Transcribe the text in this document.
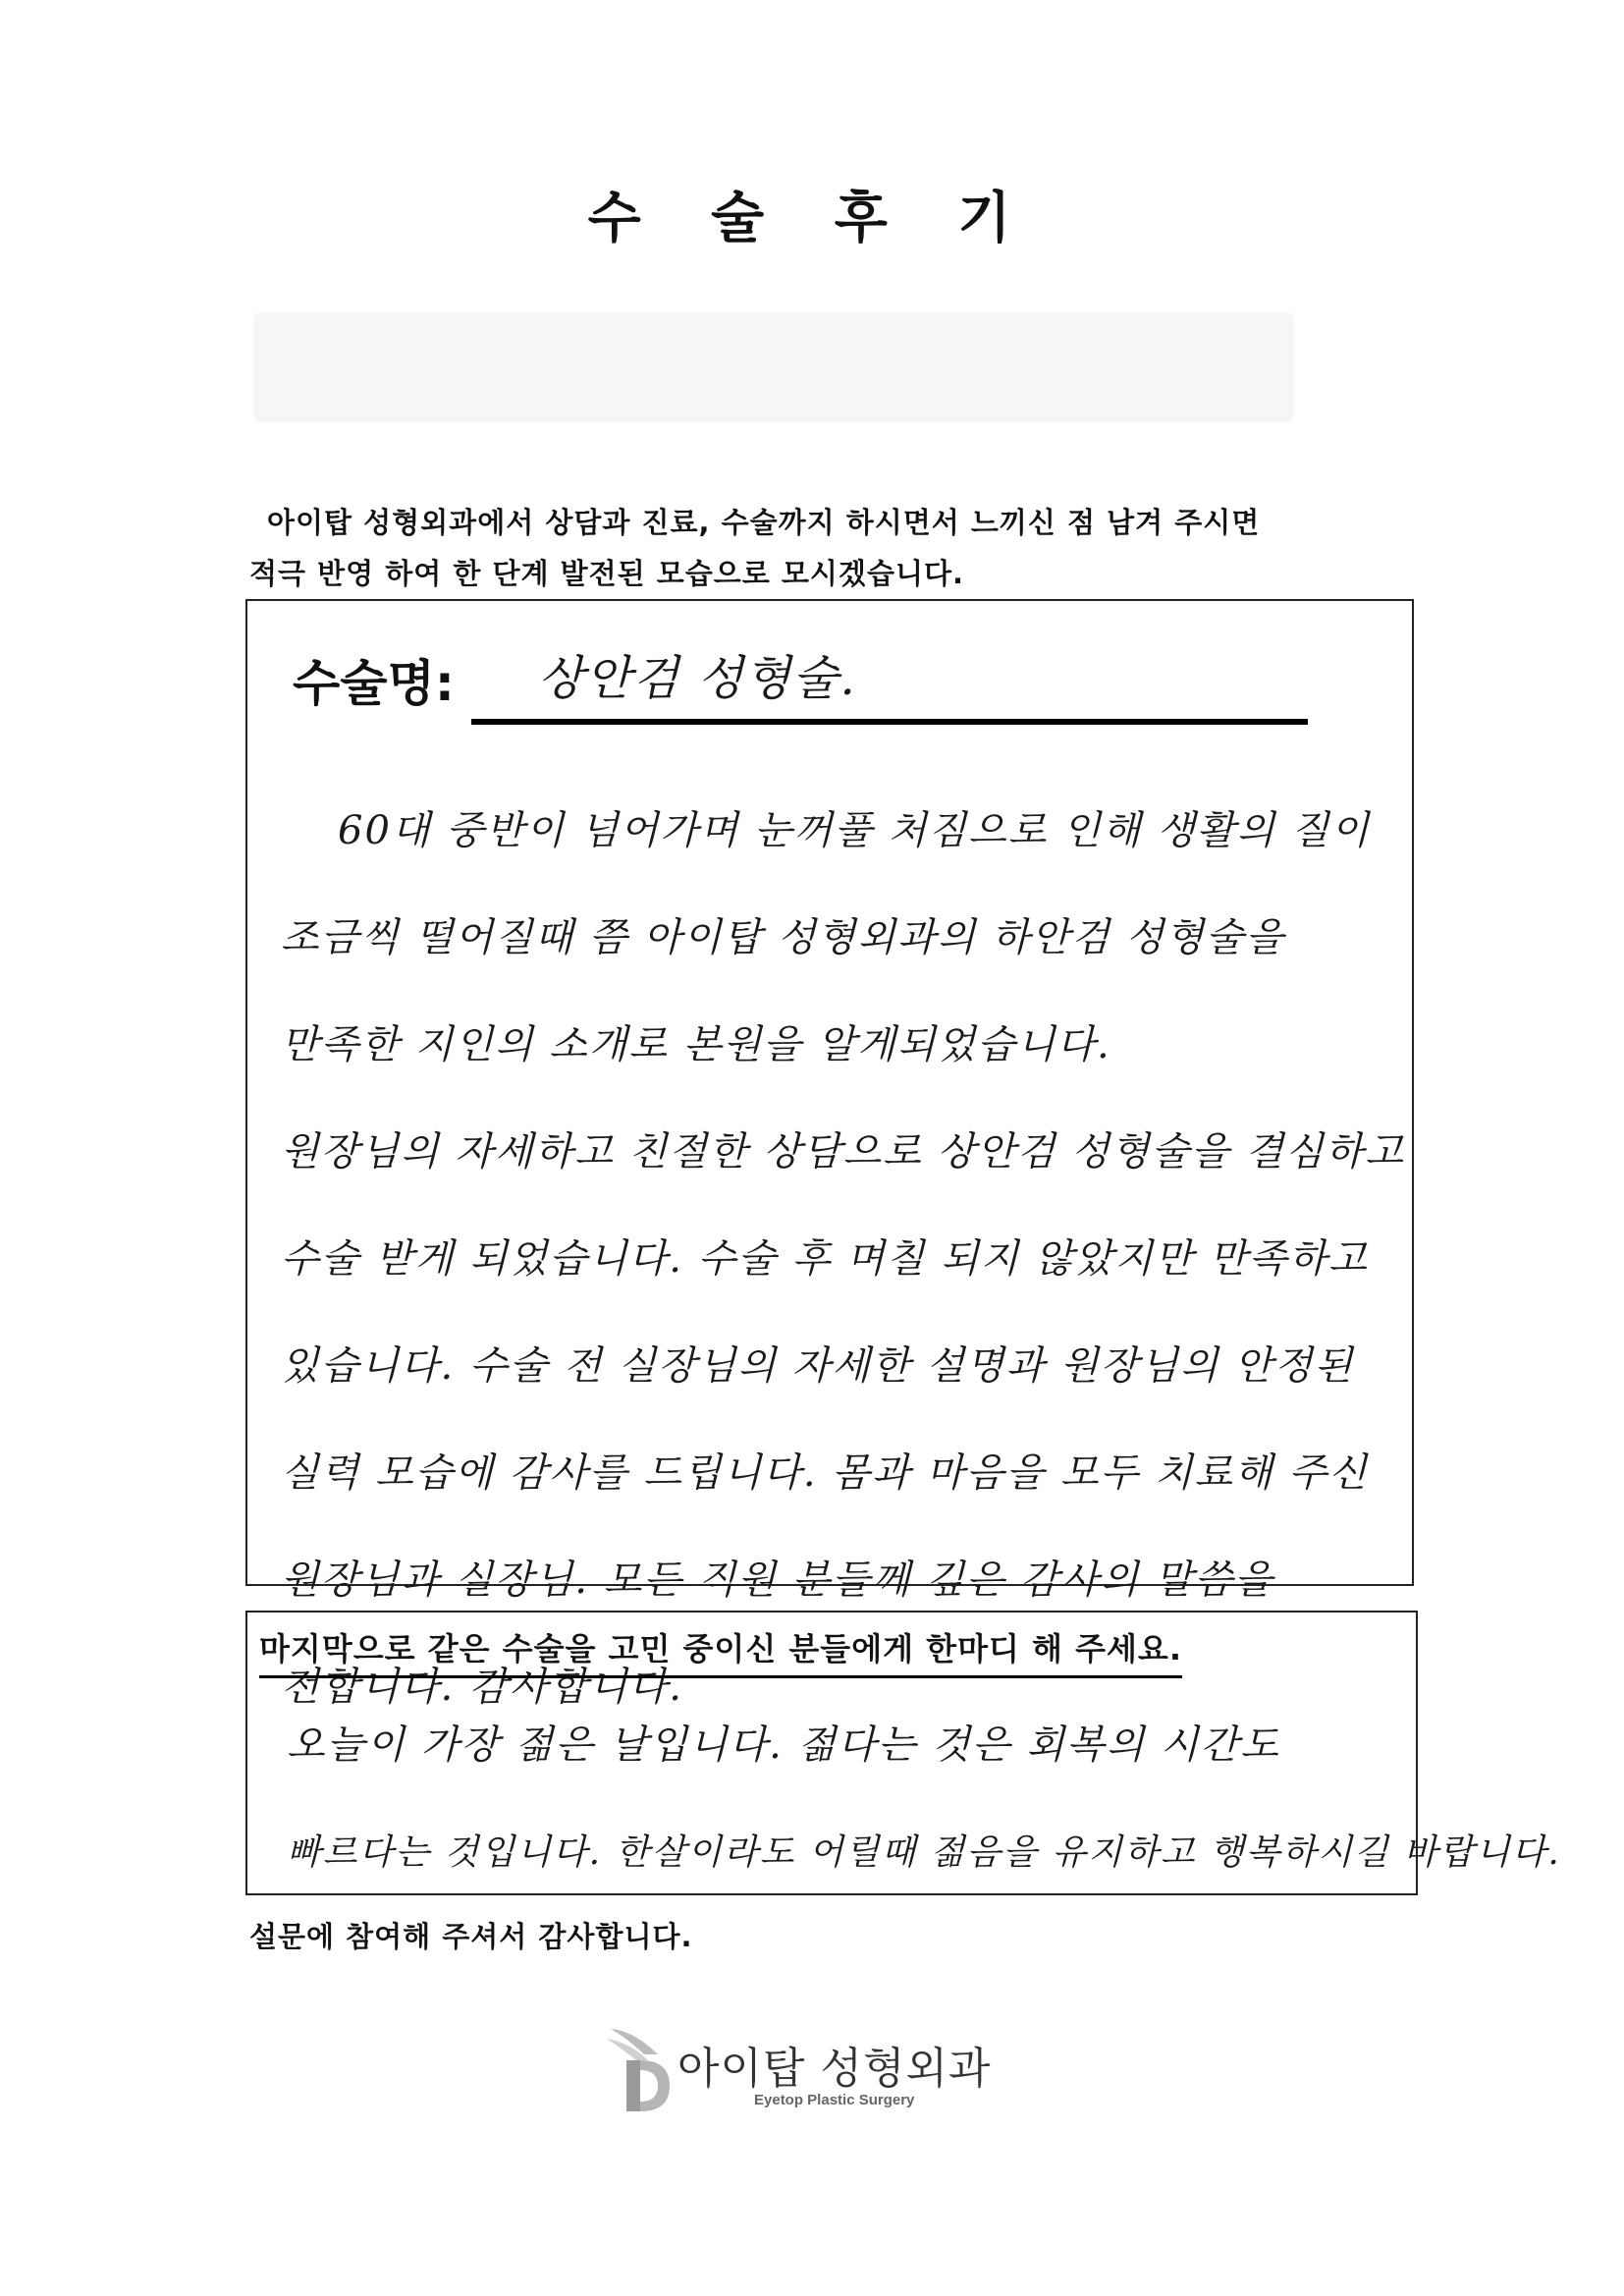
수 술 후 기
아이탑 성형외과에서 상담과 진료, 수술까지 하시면서 느끼신 점 남겨 주시면
적극 반영 하여 한 단계 발전된 모습으로 모시겠습니다.
수술명: 상안검 성형술.
60대 중반이 넘어가며 눈꺼풀 처짐으로 인해 생활의 질이
조금씩 떨어질때 쯤 아이탑 성형외과의 하안검 성형술을
만족한 지인의 소개로 본원을 알게되었습니다.
원장님의 자세하고 친절한 상담으로 상안검 성형술을 결심하고
수술 받게 되었습니다. 수술 후 며칠 되지 않았지만 만족하고
있습니다. 수술 전 실장님의 자세한 설명과 원장님의 안정된
실력 모습에 감사를 드립니다. 몸과 마음을 모두 치료해 주신
원장님과 실장님. 모든 직원 분들께 깊은 감사의 말씀을
전합니다. 감사합니다.
마지막으로 같은 수술을 고민 중이신 분들에게 한마디 해 주세요.
오늘이 가장 젊은 날입니다. 젊다는 것은 회복의 시간도
빠르다는 것입니다. 한살이라도 어릴때 젊음을 유지하고 행복하시길 바랍니다.
설문에 참여해 주셔서 감사합니다.
아이탑 성형외과
Eyetop Plastic Surgery
